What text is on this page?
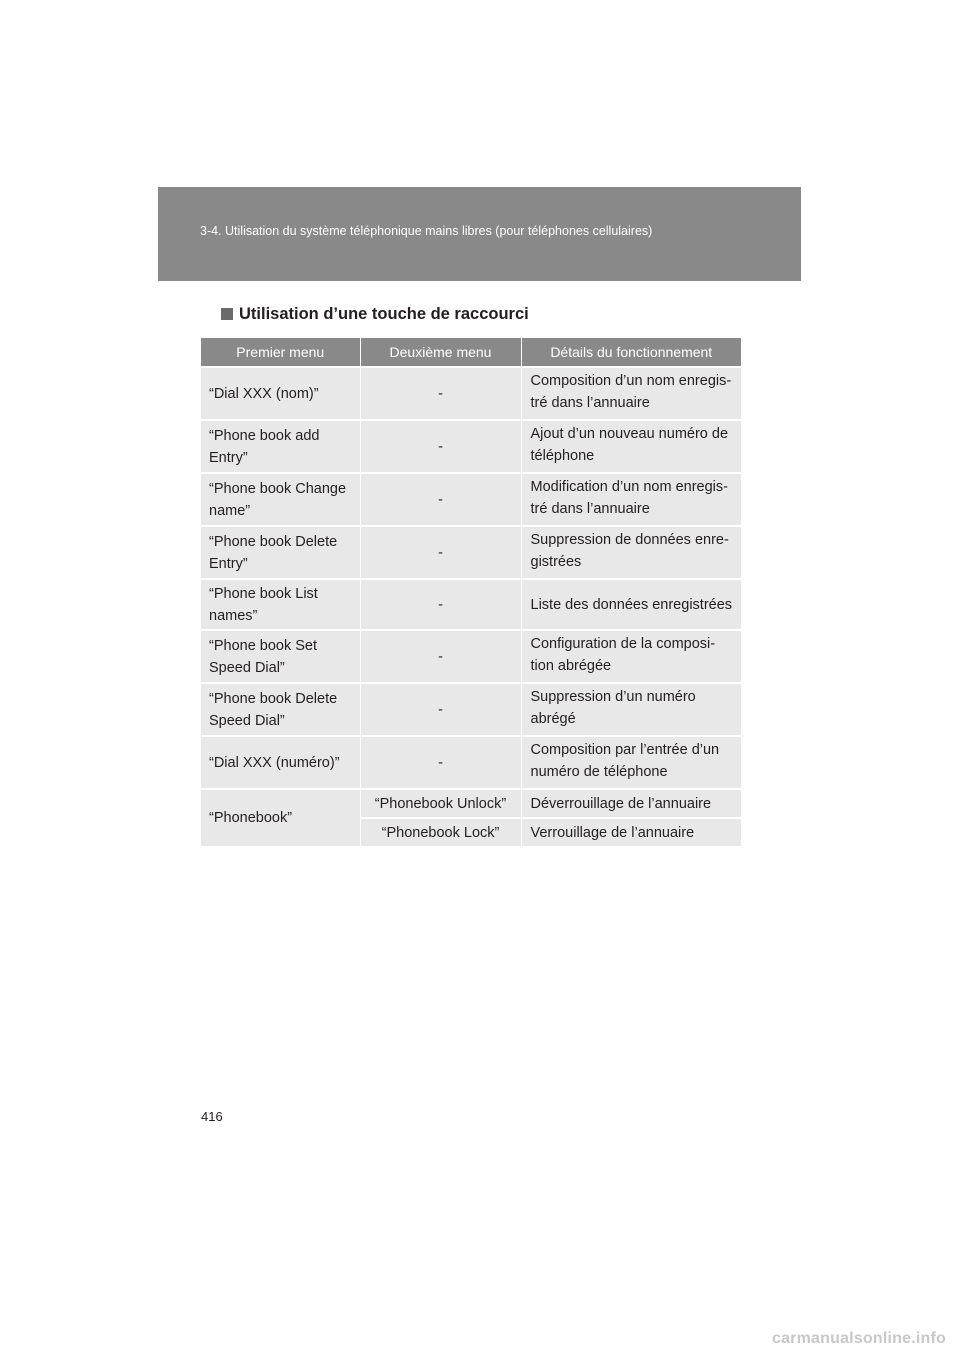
3-4. Utilisation du système téléphonique mains libres (pour téléphones cellulaires)
Utilisation d’une touche de raccourci
Premier menu	Deuxième menu	Détails du fonctionnement

“Dial XXX (nom)”	-	Composition d’un nom enregis-
tré dans l’annuaire

“Phone book add
Entry”	-	Ajout d’un nouveau numéro de
téléphone

“Phone book Change
name”	-	Modification d’un nom enregis-
tré dans l’annuaire

“Phone book Delete
Entry”	-	Suppression de données enre-
gistrées

“Phone book List
names”	-	Liste des données enregistrées

“Phone book Set
Speed Dial”	-	Configuration de la composi-
tion abrégée

“Phone book Delete
Speed Dial”	-	Suppression d’un numéro
abrégé

“Dial XXX (numéro)”	-	Composition par l’entrée d’un
numéro de téléphone

“Phonebook”	“Phonebook Unlock”	Déverrouillage de l’annuaire
	“Phonebook Lock”	Verrouillage de l’annuaire
416
carmanualsonline.info
